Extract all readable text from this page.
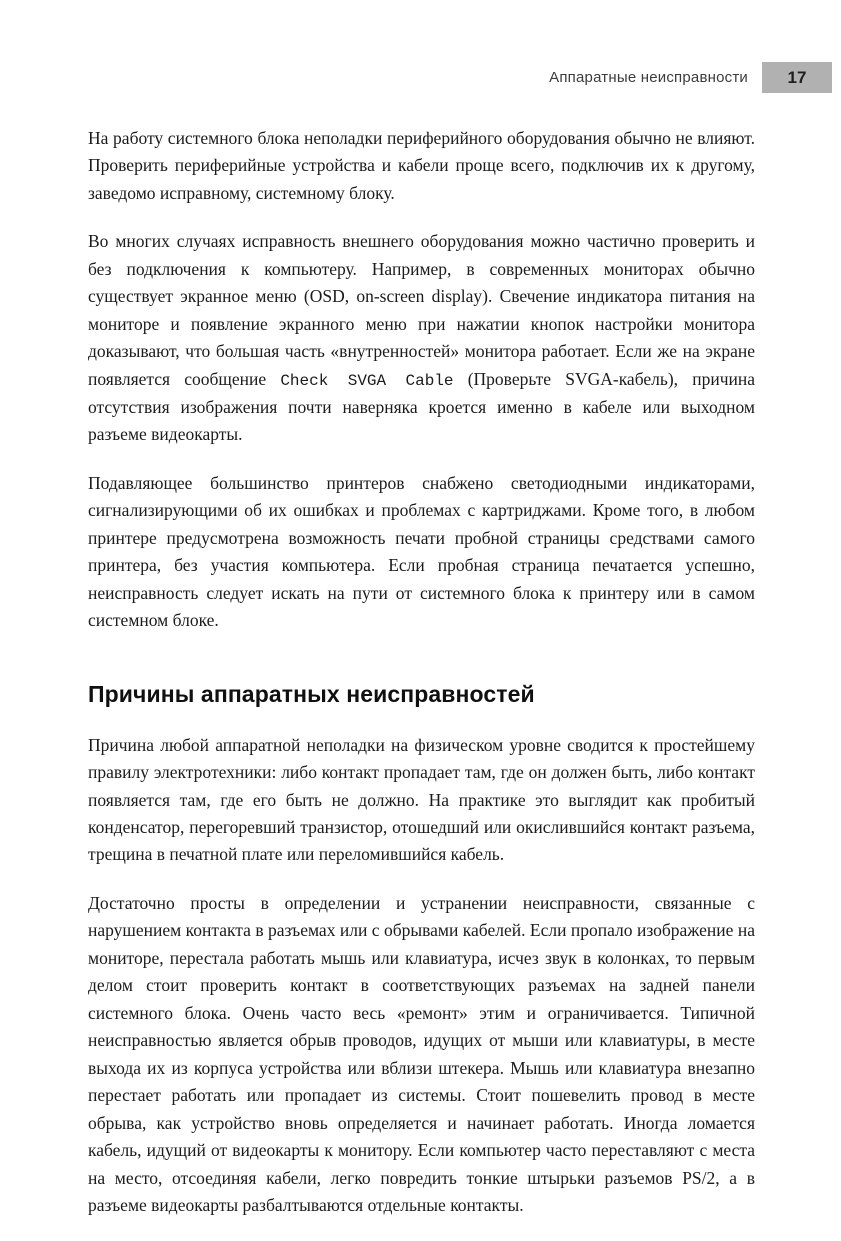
Аппаратные неисправности	17

На работу системного блока неполадки периферийного оборудования обычно не влияют. Проверить периферийные устройства и кабели проще всего, подключив их к другому, заведомо исправному, системному блоку.

Во многих случаях исправность внешнего оборудования можно частично проверить и без подключения к компьютеру. Например, в современных мониторах обычно существует экранное меню (OSD, on-screen display). Свечение индикатора питания на мониторе и появление экранного меню при нажатии кнопок настройки монитора доказывают, что большая часть «внутренностей» монитора работает. Если же на экране появляется сообщение Check SVGA Cable (Проверьте SVGA-кабель), причина отсутствия изображения почти наверняка кроется именно в кабеле или выходном разъеме видеокарты.

Подавляющее большинство принтеров снабжено светодиодными индикаторами, сигнализирующими об их ошибках и проблемах с картриджами. Кроме того, в любом принтере предусмотрена возможность печати пробной страницы средствами самого принтера, без участия компьютера. Если пробная страница печатается успешно, неисправность следует искать на пути от системного блока к принтеру или в самом системном блоке.

Причины аппаратных неисправностей

Причина любой аппаратной неполадки на физическом уровне сводится к простейшему правилу электротехники: либо контакт пропадает там, где он должен быть, либо контакт появляется там, где его быть не должно. На практике это выглядит как пробитый конденсатор, перегоревший транзистор, отошедший или окислившийся контакт разъема, трещина в печатной плате или переломившийся кабель.

Достаточно просты в определении и устранении неисправности, связанные с нарушением контакта в разъемах или с обрывами кабелей. Если пропало изображение на мониторе, перестала работать мышь или клавиатура, исчез звук в колонках, то первым делом стоит проверить контакт в соответствующих разъемах на задней панели системного блока. Очень часто весь «ремонт» этим и ограничивается. Типичной неисправностью является обрыв проводов, идущих от мыши или клавиатуры, в месте выхода их из корпуса устройства или вблизи штекера. Мышь или клавиатура внезапно перестает работать или пропадает из системы. Стоит пошевелить провод в месте обрыва, как устройство вновь определяется и начинает работать. Иногда ломается кабель, идущий от видеокарты к монитору. Если компьютер часто переставляют с места на место, отсоединяя кабели, легко повредить тонкие штырьки разъемов PS/2, а в разъеме видеокарты разбалтываются отдельные контакты.
